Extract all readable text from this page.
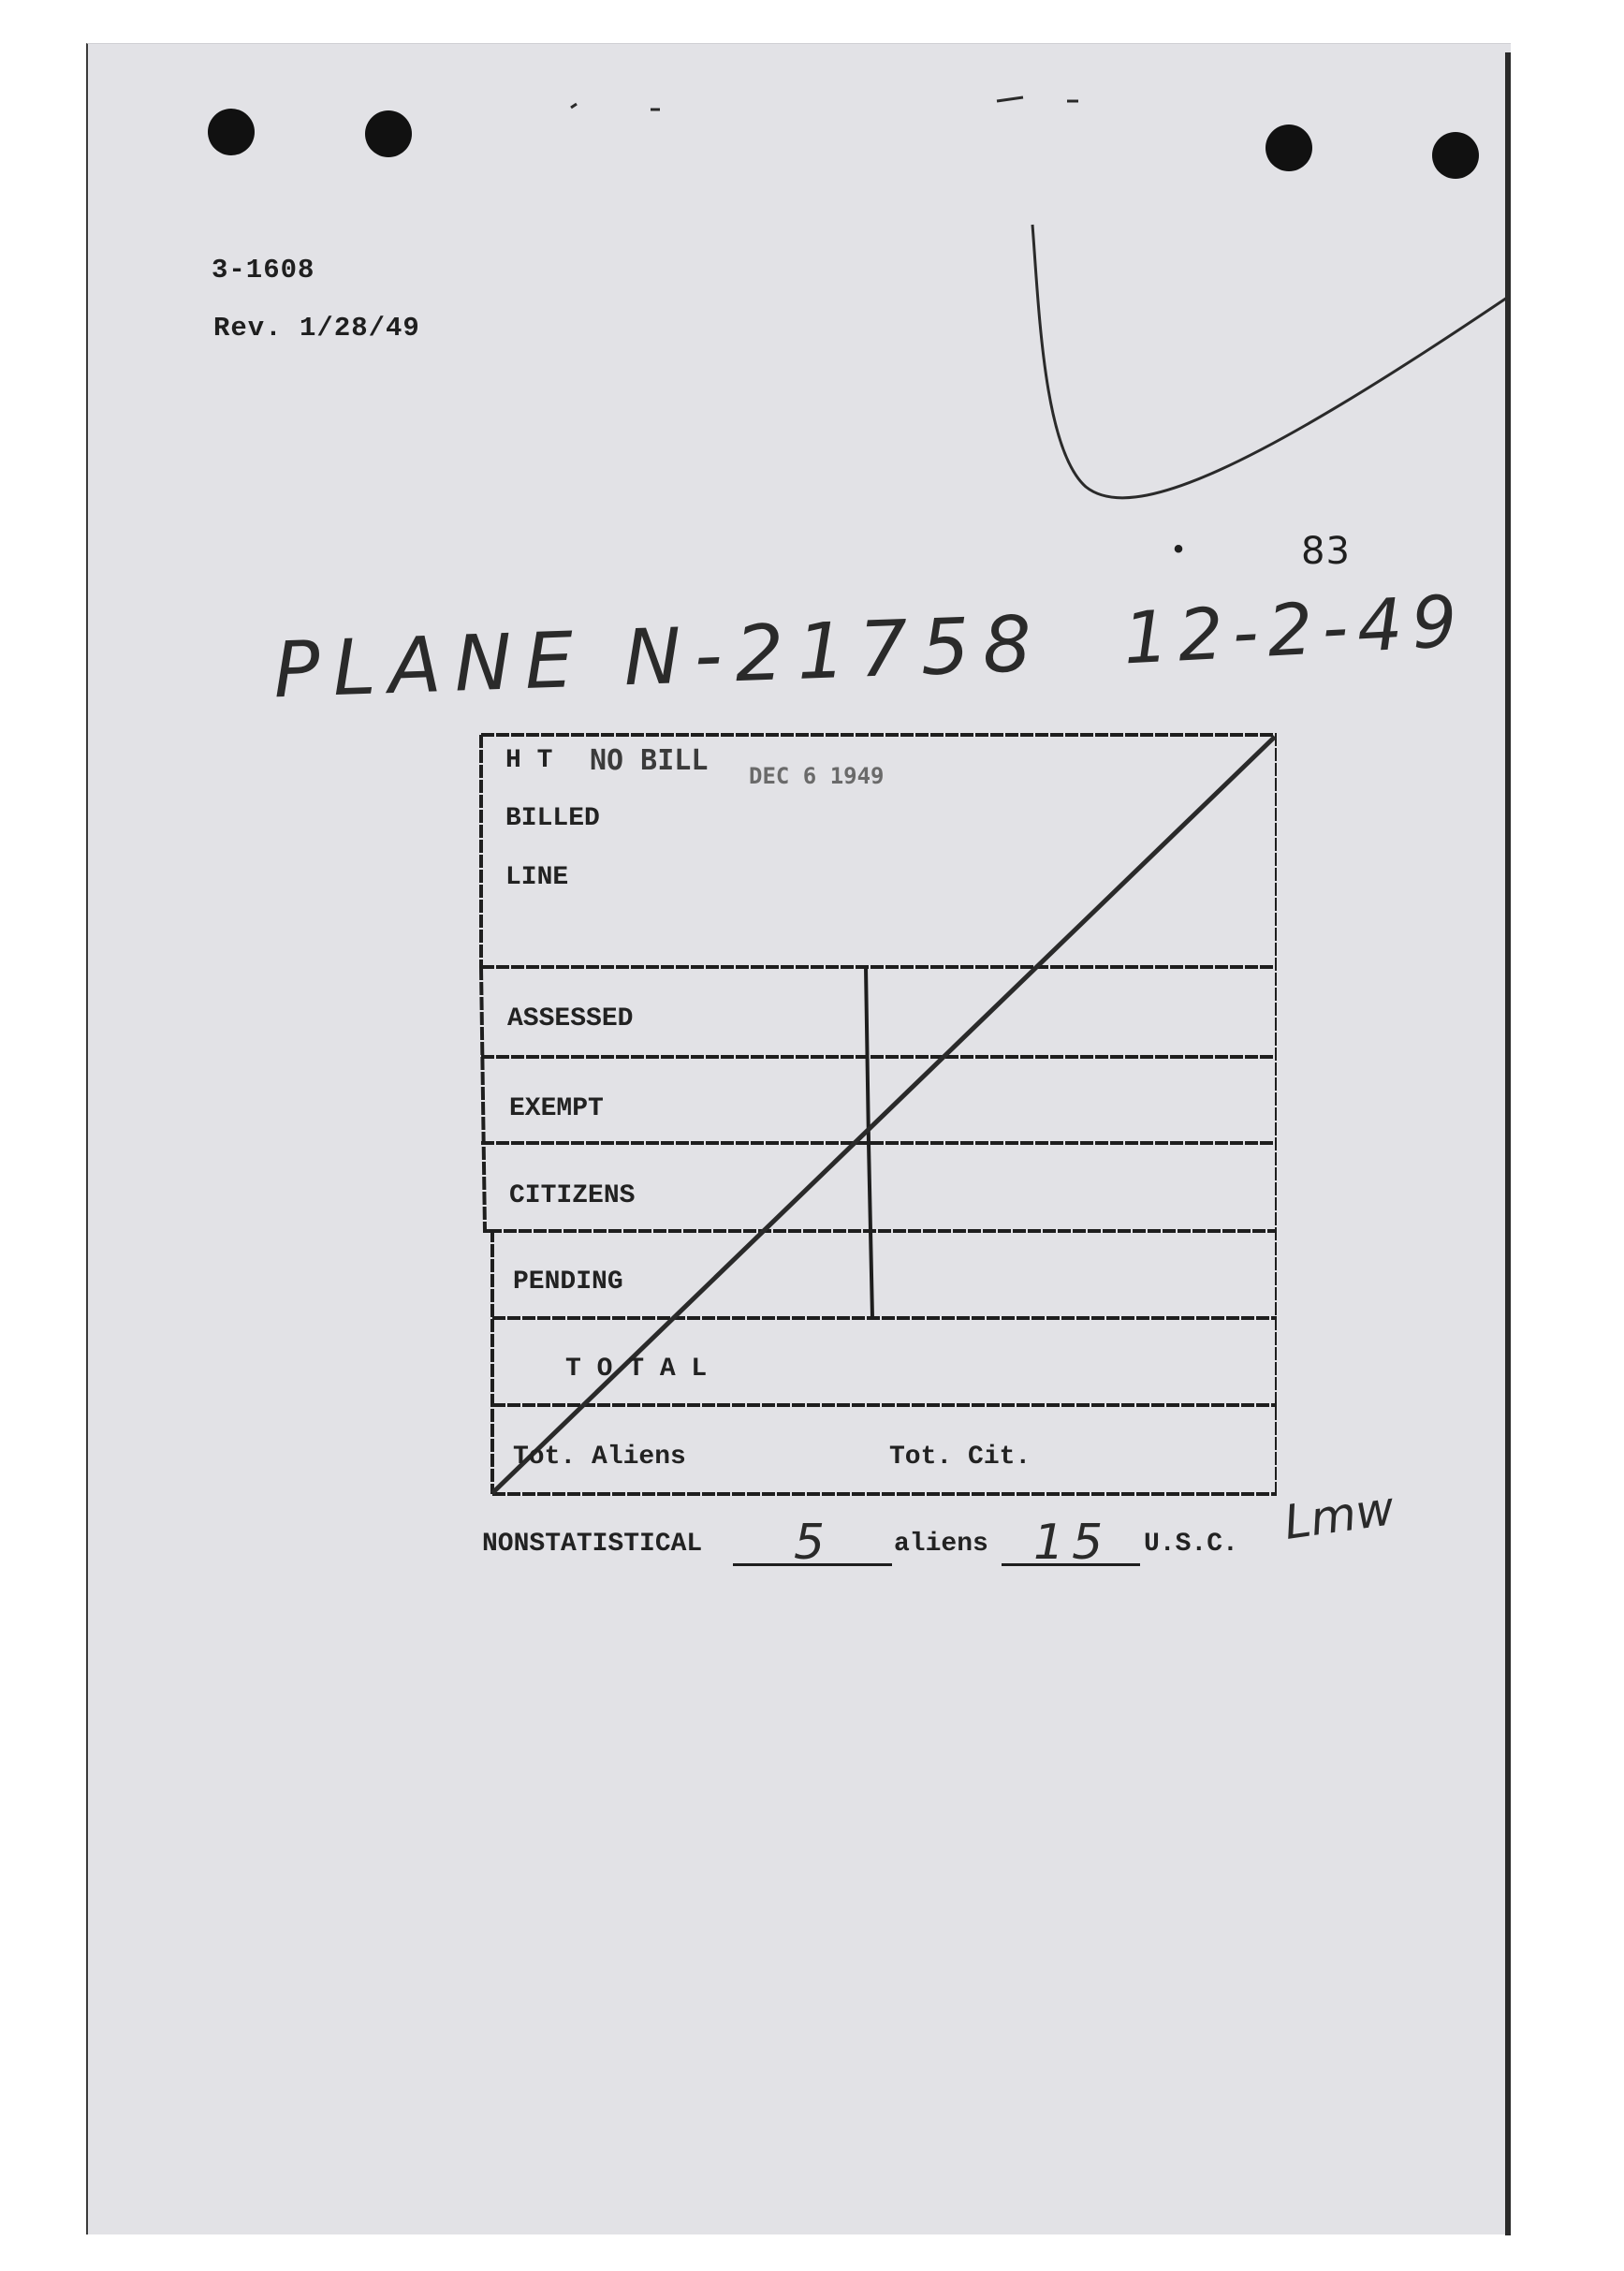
3-1608
Rev. 1/28/49
•	83
12-2-49
PLANE N-21758
H T NO BILL DEC 6 1949
BILLED
LINE
ASSESSED
EXEMPT
CITIZENS
PENDING
T O T A L
Tot. Aliens	Tot. Cit.
Lmw
NONSTATISTICAL 5	aliens 15 U.S.C.
